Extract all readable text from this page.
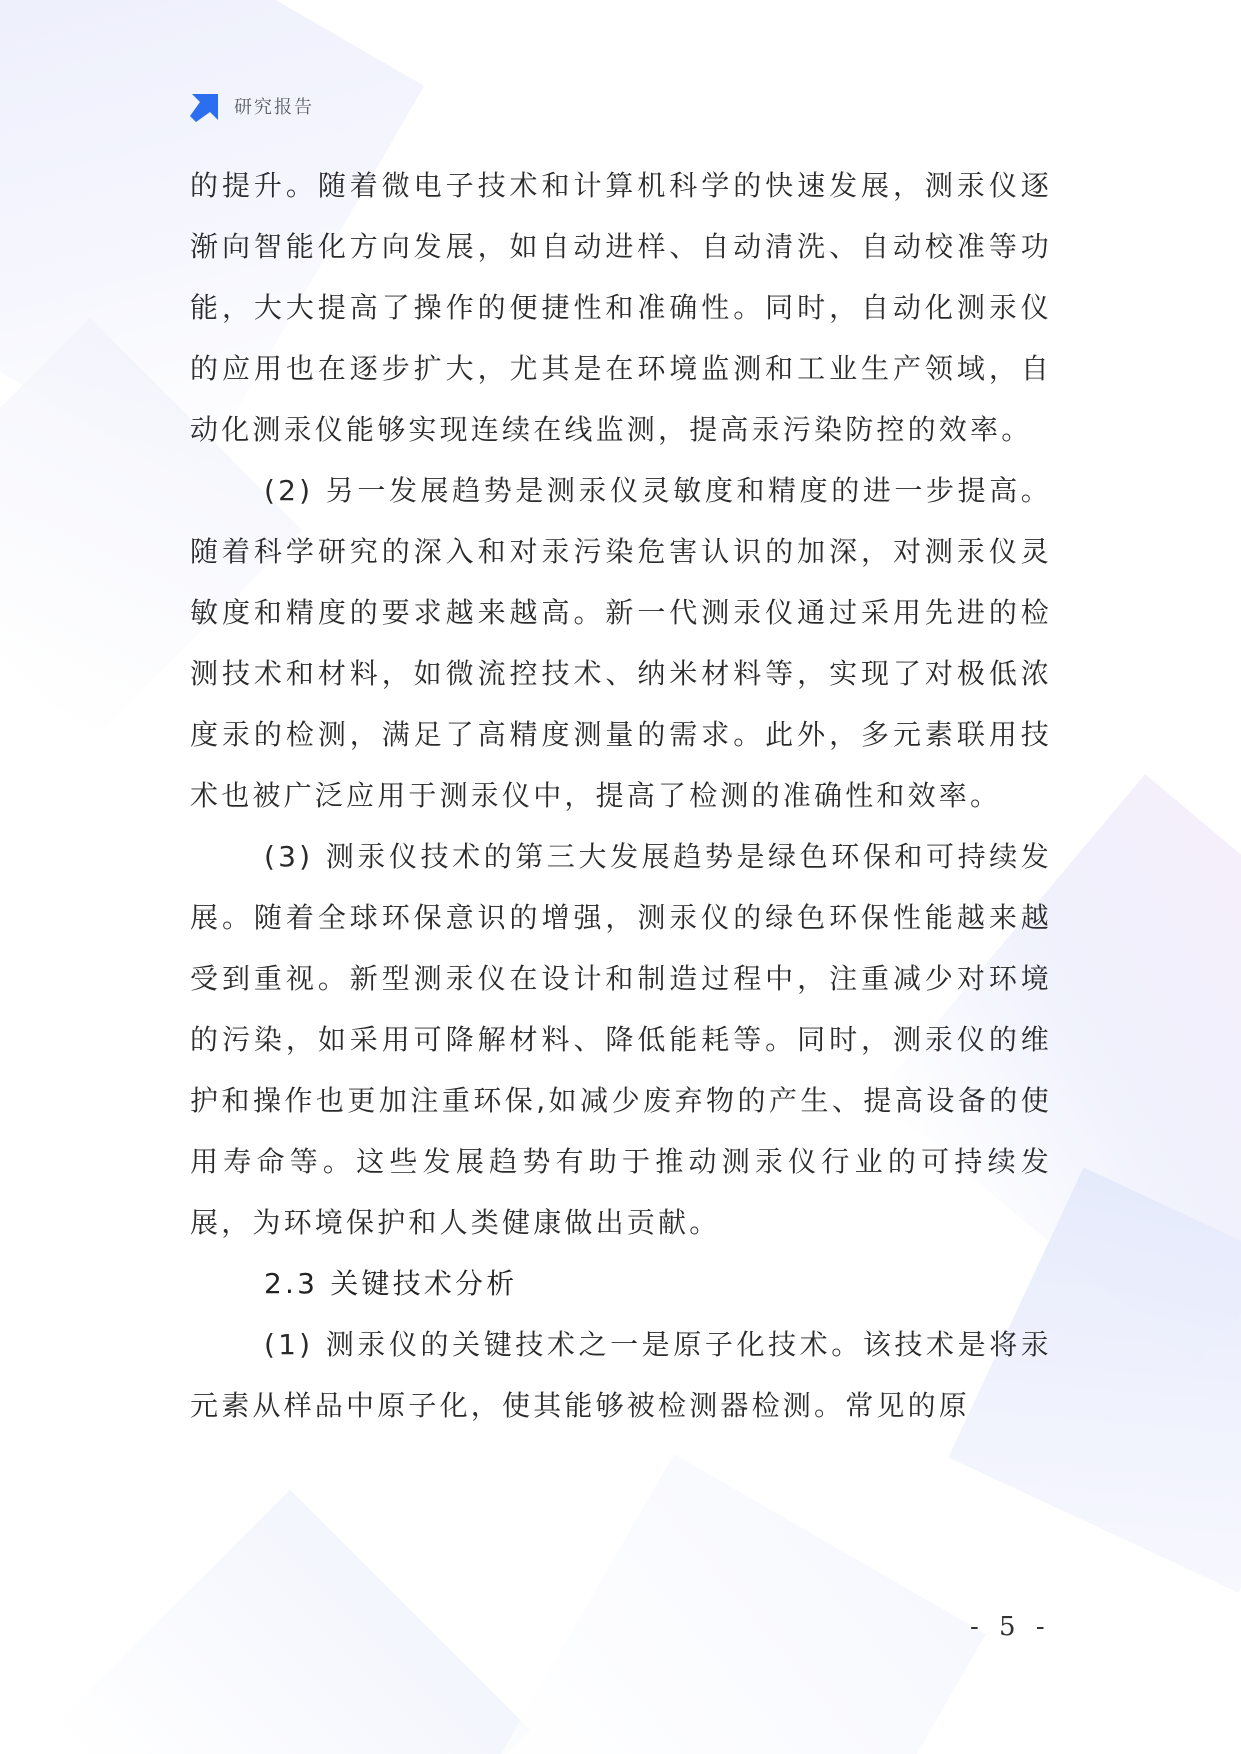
研究报告

的提升。随着微电子技术和计算机科学的快速发展，测汞仪逐渐向智能化方向发展，如自动进样、自动清洗、自动校准等功能，大大提高了操作的便捷性和准确性。同时，自动化测汞仪的应用也在逐步扩大，尤其是在环境监测和工业生产领域，自动化测汞仪能够实现连续在线监测，提高汞污染防控的效率。

(2) 另一发展趋势是测汞仪灵敏度和精度的进一步提高。随着科学研究的深入和对汞污染危害认识的加深，对测汞仪灵敏度和精度的要求越来越高。新一代测汞仪通过采用先进的检测技术和材料，如微流控技术、纳米材料等，实现了对极低浓度汞的检测，满足了高精度测量的需求。此外，多元素联用技术也被广泛应用于测汞仪中，提高了检测的准确性和效率。

(3) 测汞仪技术的第三大发展趋势是绿色环保和可持续发展。随着全球环保意识的增强，测汞仪的绿色环保性能越来越受到重视。新型测汞仪在设计和制造过程中，注重减少对环境的污染，如采用可降解材料、降低能耗等。同时，测汞仪的维护和操作也更加注重环保,如减少废弃物的产生、提高设备的使用寿命等。这些发展趋势有助于推动测汞仪行业的可持续发展，为环境保护和人类健康做出贡献。

2.3 关键技术分析

(1) 测汞仪的关键技术之一是原子化技术。该技术是将汞元素从样品中原子化，使其能够被检测器检测。常见的原

- 5 -
